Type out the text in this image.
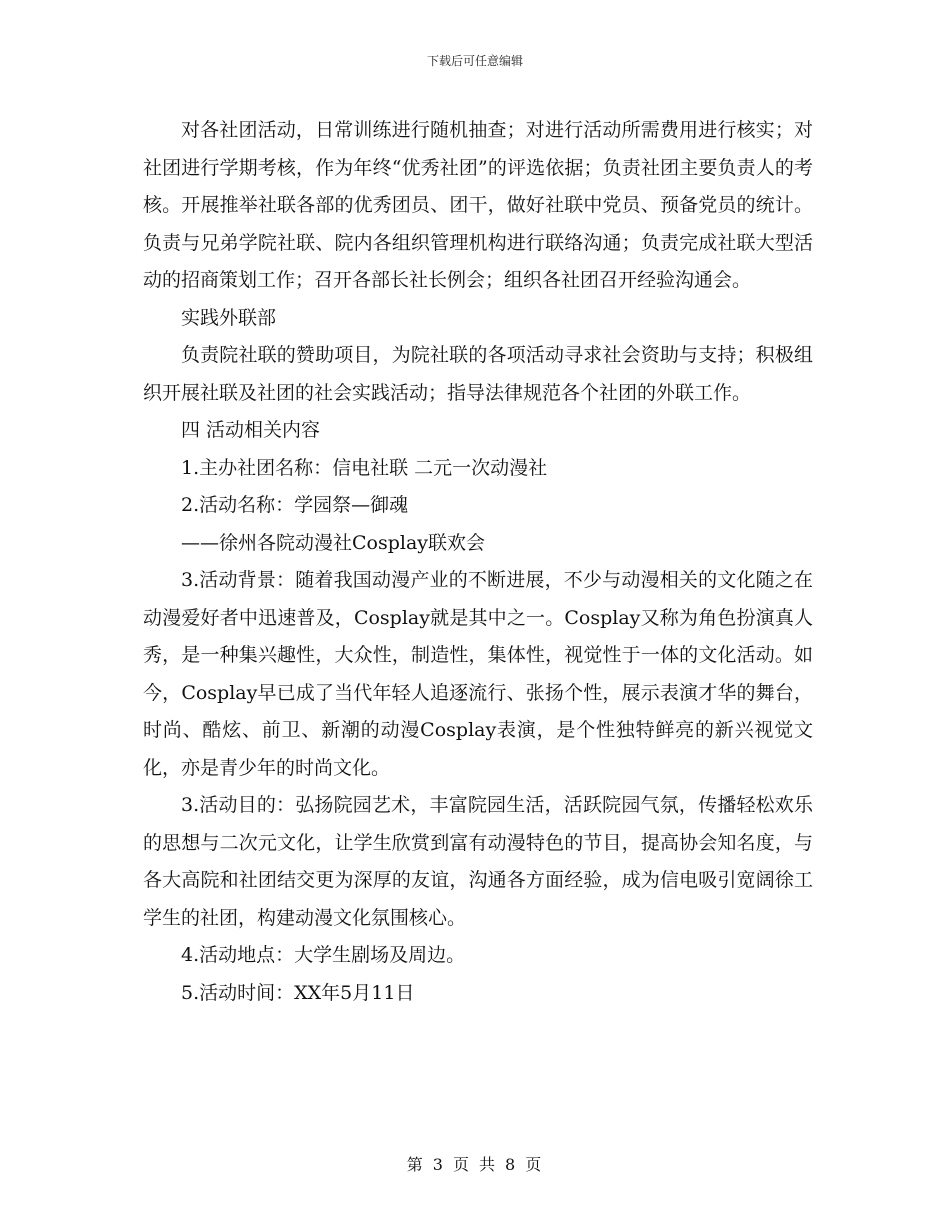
下载后可任意编辑

对各社团活动，日常训练进行随机抽查；对进行活动所需费用进行核实；对社团进行学期考核，作为年终“优秀社团”的评选依据；负责社团主要负责人的考核。开展推举社联各部的优秀团员、团干，做好社联中党员、预备党员的统计。负责与兄弟学院社联、院内各组织管理机构进行联络沟通；负责完成社联大型活动的招商策划工作；召开各部长社长例会；组织各社团召开经验沟通会。

实践外联部

负责院社联的赞助项目，为院社联的各项活动寻求社会资助与支持；积极组织开展社联及社团的社会实践活动；指导法律规范各个社团的外联工作。

四 活动相关内容

1.主办社团名称：信电社联 二元一次动漫社

2.活动名称：学园祭—御魂

——徐州各院动漫社Cosplay联欢会

3.活动背景：随着我国动漫产业的不断进展，不少与动漫相关的文化随之在动漫爱好者中迅速普及，Cosplay就是其中之一。Cosplay又称为角色扮演真人秀，是一种集兴趣性，大众性，制造性，集体性，视觉性于一体的文化活动。如今，Cosplay早已成了当代年轻人追逐流行、张扬个性，展示表演才华的舞台，时尚、酷炫、前卫、新潮的动漫Cosplay表演，是个性独特鲜亮的新兴视觉文化，亦是青少年的时尚文化。

3.活动目的：弘扬院园艺术，丰富院园生活，活跃院园气氛，传播轻松欢乐的思想与二次元文化，让学生欣赏到富有动漫特色的节目，提高协会知名度，与各大高院和社团结交更为深厚的友谊，沟通各方面经验，成为信电吸引宽阔徐工学生的社团，构建动漫文化氛围核心。

4.活动地点：大学生剧场及周边。

5.活动时间：XX年5月11日

第 3 页 共 8 页
